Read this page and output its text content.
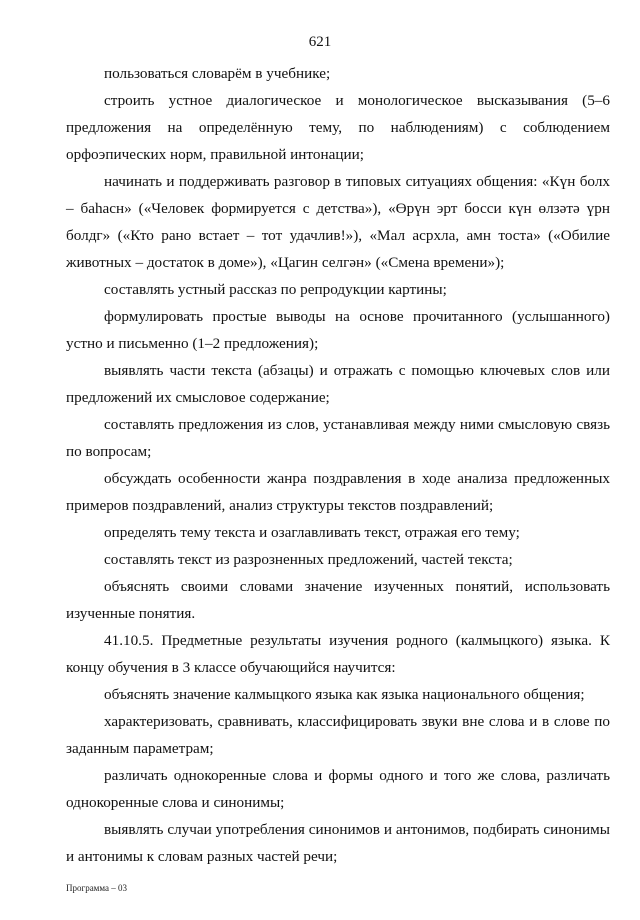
621

пользоваться словарём в учебнике;

строить устное диалогическое и монологическое высказывания (5–6 предложения на определённую тему, по наблюдениям) с соблюдением орфоэпических норм, правильной интонации;

начинать и поддерживать разговор в типовых ситуациях общения: «Күн болх – баһасн» («Человек формируется с детства»), «Өрүн эрт босси күн өлзәтә үрн болдг» («Кто рано встает – тот удачлив!»), «Мал асрхла, амн тоста» («Обилие животных – достаток в доме»), «Цагин селгән» («Смена времени»);

составлять устный рассказ по репродукции картины;

формулировать простые выводы на основе прочитанного (услышанного) устно и письменно (1–2 предложения);

выявлять части текста (абзацы) и отражать с помощью ключевых слов или предложений их смысловое содержание;

составлять предложения из слов, устанавливая между ними смысловую связь по вопросам;

обсуждать особенности жанра поздравления в ходе анализа предложенных примеров поздравлений, анализ структуры текстов поздравлений;

определять тему текста и озаглавливать текст, отражая его тему;

составлять текст из разрозненных предложений, частей текста;

объяснять своими словами значение изученных понятий, использовать изученные понятия.

41.10.5. Предметные результаты изучения родного (калмыцкого) языка. К концу обучения в 3 классе обучающийся научится:

объяснять значение калмыцкого языка как языка национального общения;

характеризовать, сравнивать, классифицировать звуки вне слова и в слове по заданным параметрам;

различать однокоренные слова и формы одного и того же слова, различать однокоренные слова и синонимы;

выявлять случаи употребления синонимов и антонимов, подбирать синонимы и антонимы к словам разных частей речи;

Программа – 03
